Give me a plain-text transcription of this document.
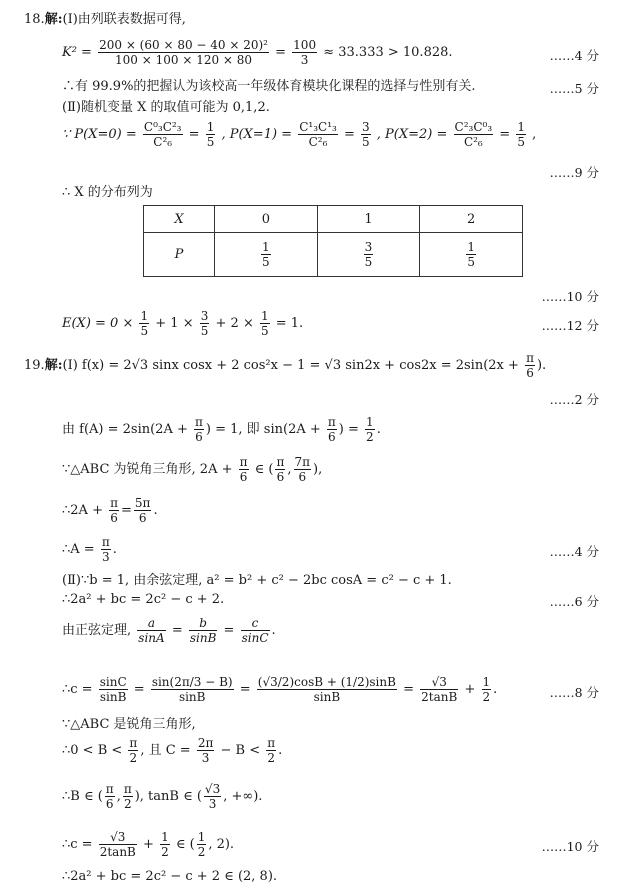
18.解:(Ⅰ)由列联表数据可得,
$K^2 = \frac{\text{200 × (60 × 80 − 40 × 20)²}}{100 \times 100 \times 120 \times 80} = \frac{100}{3} \approx 33.333 > 10.828$.	……4 分
∴有 99.9%的把握认为该校高一年级体育模块化课程的选择与性别有关.	……5 分
(Ⅱ)随机变量 X 的取值可能为 0,1,2.
∵ $P(X=0) = \frac{\text{C⁰₃C²₃}}{\text{C²₆}} = \frac{1}{5}$ , $P(X=1) = \frac{\text{C¹₃C¹₃}}{\text{C²₆}} = \frac{3}{5}$ , $P(X=2) = \frac{\text{C²₃C⁰₃}}{\text{C²₆}} = \frac{1}{5}$ ,
……9 分
∴ X 的分布列为
X	0	1	2
P	$\frac{1}{5}$	$\frac{3}{5}$	$\frac{1}{5}$
……10 分
$E(X) = 0 \times \frac{1}{5} + 1 \times \frac{3}{5} + 2 \times \frac{1}{5} = 1$.	……12 分
19.解:(Ⅰ) f(x) = 2√3 sinx cosx + 2 cos²x − 1 = √3 $\sin 2x + \cos 2x = 2\sin(2x + \frac{\pi}{6}$ ).
……2 分
由 $f(A) = 2\sin(2A + \frac{\pi}{6}$ ) = 1, 即 $\sin(2A + \frac{\pi}{6}$ ) = $\frac{1}{2}$ .
∵△ABC 为锐角三角形, $2A + \frac{\pi}{6}$ ∈ ( $\frac{\pi}{6}$ , $\frac{7\pi}{6}$ ),
∴2A + $\frac{\pi}{6} = \frac{5\pi}{6}$ .
∴A = $\frac{\pi}{3}$ .	……4 分
(Ⅱ)∵b = 1, 由余弦定理, a² = b² + c² − 2bc cosA = c² − c + 1.
∴2a² + bc = 2c² − c + 2.	……6 分
由正弦定理, $\frac{a}{\sin A} = \frac{b}{\sin B} = \frac{c}{\sin C}$ .
∴c = $\frac{\sin C}{\sin B} = \frac{\sin(2\pi/3 - B)}{\sin B} = \frac{(√3/2)\cos B + (1/2)\sin B}{\sin B} = \frac{√3}{2\tan B} + \frac{1}{2}$ .	……8 分
∵△ABC 是锐角三角形,
∴0 < $B < \frac{\pi}{2}$ , 且 $C = \frac{2\pi}{3} - B < \frac{\pi}{2}$ .
∴B ∈ ( $\frac{\pi}{6}$ , $\frac{\pi}{2}$ ), tanB ∈ ( $\frac{√3}{3}$ , +∞).
∴c = $\frac{√3}{2\tan B} + \frac{1}{2}$ ∈ ( $\frac{1}{2}$ , 2).	……10 分
∴2a² + bc = 2c² − c + 2 ∈ (2, 8).
